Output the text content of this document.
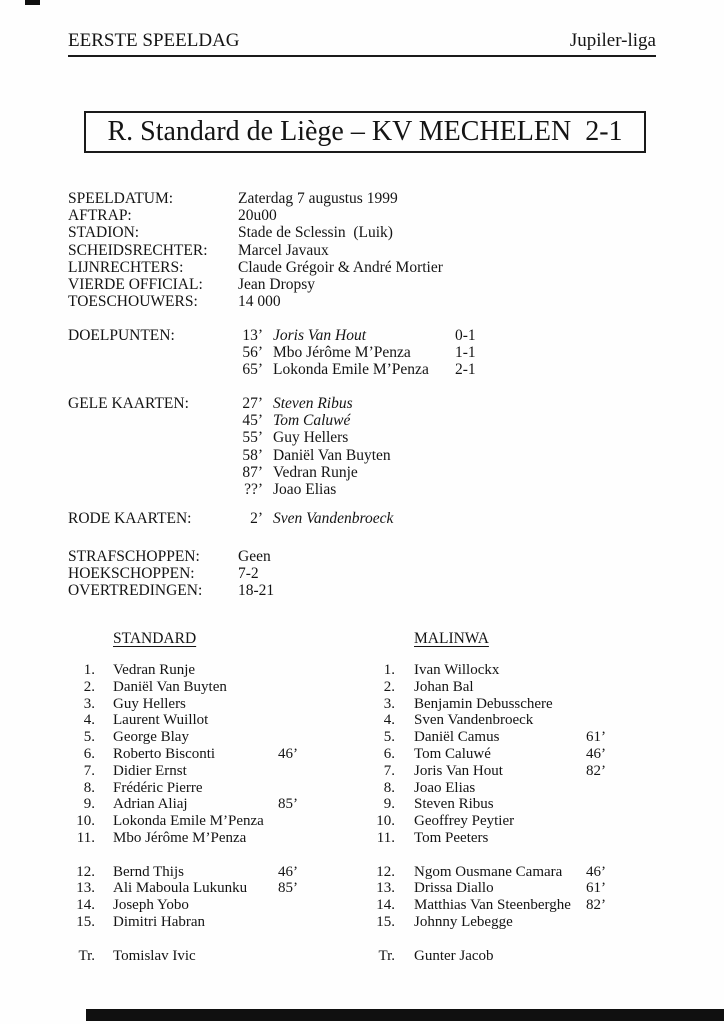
EERSTE SPEELDAG	Jupiler-liga
R. Standard de Liège – KV MECHELEN  2-1
SPEELDATUM:	Zaterdag 7 augustus 1999
AFTRAP:	20u00
STADION:	Stade de Sclessin  (Luik)
SCHEIDSRECHTER:	Marcel Javaux
LIJNRECHTERS:	Claude Grégoir & André Mortier
VIERDE OFFICIAL:	Jean Dropsy
TOESCHOUWERS:	14 000
DOELPUNTEN:	13’ Joris Van Hout	0-1
56’ Mbo Jérôme M’Penza	1-1
65’ Lokonda Emile M’Penza	2-1
GELE KAARTEN:	27’ Steven Ribus
45’ Tom Caluwé
55’ Guy Hellers
58’ Daniël Van Buyten
87’ Vedran Runje
??’ Joao Elias
RODE KAARTEN:	2’ Sven Vandenbroeck
STRAFSCHOPPEN:	Geen
HOEKSCHOPPEN:	7-2
OVERTREDINGEN:	18-21
STANDARD
1. Vedran Runje
2. Daniël Van Buyten
3. Guy Hellers
4. Laurent Wuillot
5. George Blay
6. Roberto Bisconti	46’
7. Didier Ernst
8. Frédéric Pierre
9. Adrian Aliaj	85’
10. Lokonda Emile M’Penza
11. Mbo Jérôme M’Penza
12. Bernd Thijs	46’
13. Ali Maboula Lukunku	85’
14. Joseph Yobo
15. Dimitri Habran
Tr. Tomislav Ivic
MALINWA
1. Ivan Willockx
2. Johan Bal
3. Benjamin Debusschere
4. Sven Vandenbroeck
5. Daniël Camus	61’
6. Tom Caluwé	46’
7. Joris Van Hout	82’
8. Joao Elias
9. Steven Ribus
10. Geoffrey Peytier
11. Tom Peeters
12. Ngom Ousmane Camara	46’
13. Drissa Diallo	61’
14. Matthias Van Steenberghe	82’
15. Johnny Lebegge
Tr. Gunter Jacob
